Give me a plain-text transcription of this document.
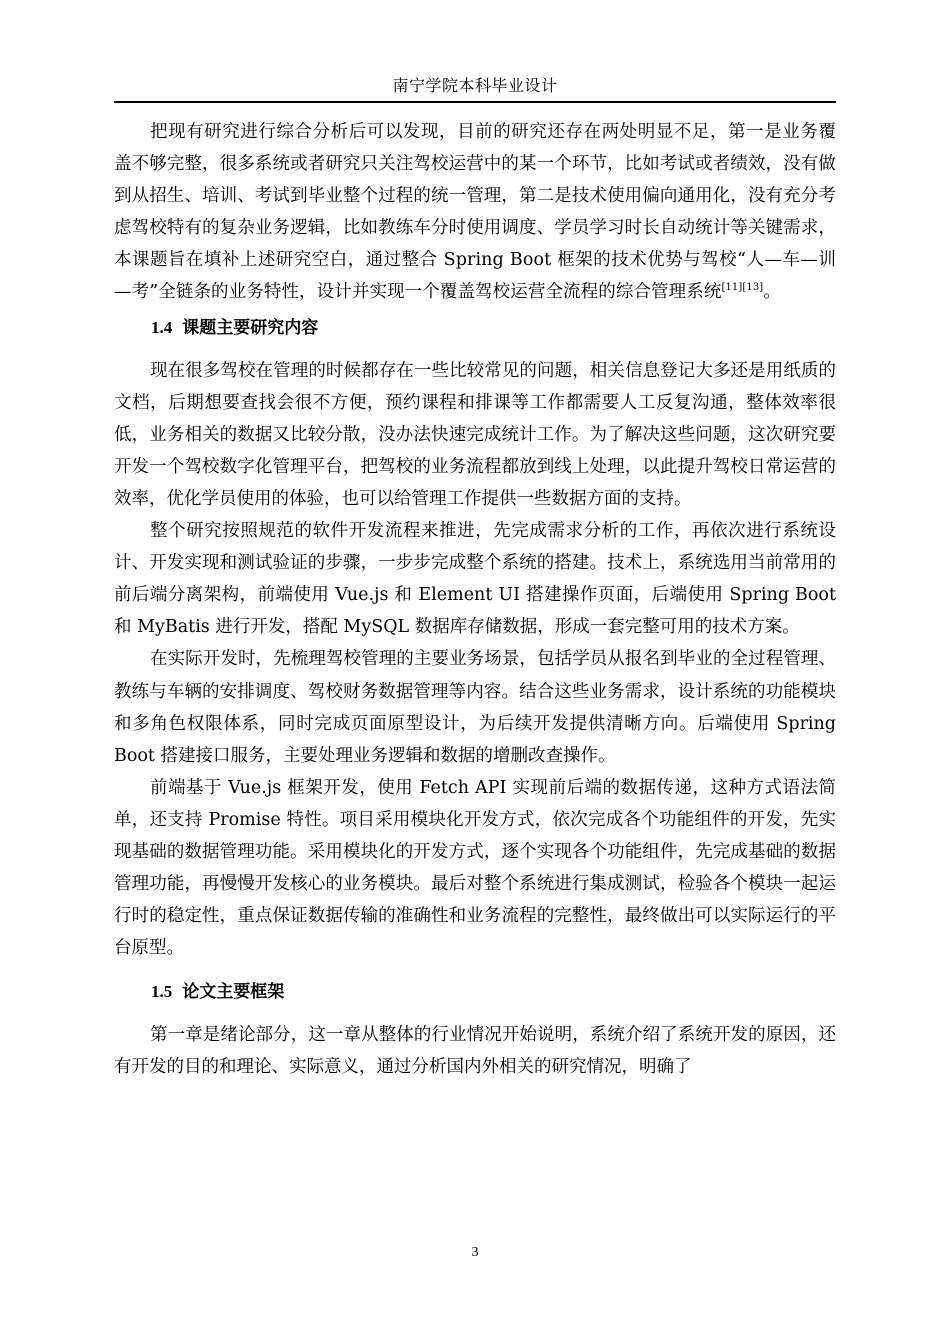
南宁学院本科毕业设计

把现有研究进行综合分析后可以发现，目前的研究还存在两处明显不足，第一是业务覆盖不够完整，很多系统或者研究只关注驾校运营中的某一个环节，比如考试或者绩效，没有做到从招生、培训、考试到毕业整个过程的统一管理，第二是技术使用偏向通用化，没有充分考虑驾校特有的复杂业务逻辑，比如教练车分时使用调度、学员学习时长自动统计等关键需求，本课题旨在填补上述研究空白，通过整合 Spring Boot 框架的技术优势与驾校“人—车—训—考”全链条的业务特性，设计并实现一个覆盖驾校运营全流程的综合管理系统[11][13]。

1.4 课题主要研究内容

现在很多驾校在管理的时候都存在一些比较常见的问题，相关信息登记大多还是用纸质的文档，后期想要查找会很不方便，预约课程和排课等工作都需要人工反复沟通，整体效率很低，业务相关的数据又比较分散，没办法快速完成统计工作。为了解决这些问题，这次研究要开发一个驾校数字化管理平台，把驾校的业务流程都放到线上处理，以此提升驾校日常运营的效率，优化学员使用的体验，也可以给管理工作提供一些数据方面的支持。

整个研究按照规范的软件开发流程来推进，先完成需求分析的工作，再依次进行系统设计、开发实现和测试验证的步骤，一步步完成整个系统的搭建。技术上，系统选用当前常用的前后端分离架构，前端使用 Vue.js 和 Element UI 搭建操作页面，后端使用 Spring Boot 和 MyBatis 进行开发，搭配 MySQL 数据库存储数据，形成一套完整可用的技术方案。

在实际开发时，先梳理驾校管理的主要业务场景，包括学员从报名到毕业的全过程管理、教练与车辆的安排调度、驾校财务数据管理等内容。结合这些业务需求，设计系统的功能模块和多角色权限体系，同时完成页面原型设计，为后续开发提供清晰方向。后端使用 Spring Boot 搭建接口服务，主要处理业务逻辑和数据的增删改查操作。

前端基于 Vue.js 框架开发，使用 Fetch API 实现前后端的数据传递，这种方式语法简单，还支持 Promise 特性。项目采用模块化开发方式，依次完成各个功能组件的开发，先实现基础的数据管理功能。采用模块化的开发方式，逐个实现各个功能组件，先完成基础的数据管理功能，再慢慢开发核心的业务模块。最后对整个系统进行集成测试，检验各个模块一起运行时的稳定性，重点保证数据传输的准确性和业务流程的完整性，最终做出可以实际运行的平台原型。

1.5 论文主要框架

第一章是绪论部分，这一章从整体的行业情况开始说明，系统介绍了系统开发的原因，还有开发的目的和理论、实际意义，通过分析国内外相关的研究情况，明确了

3
